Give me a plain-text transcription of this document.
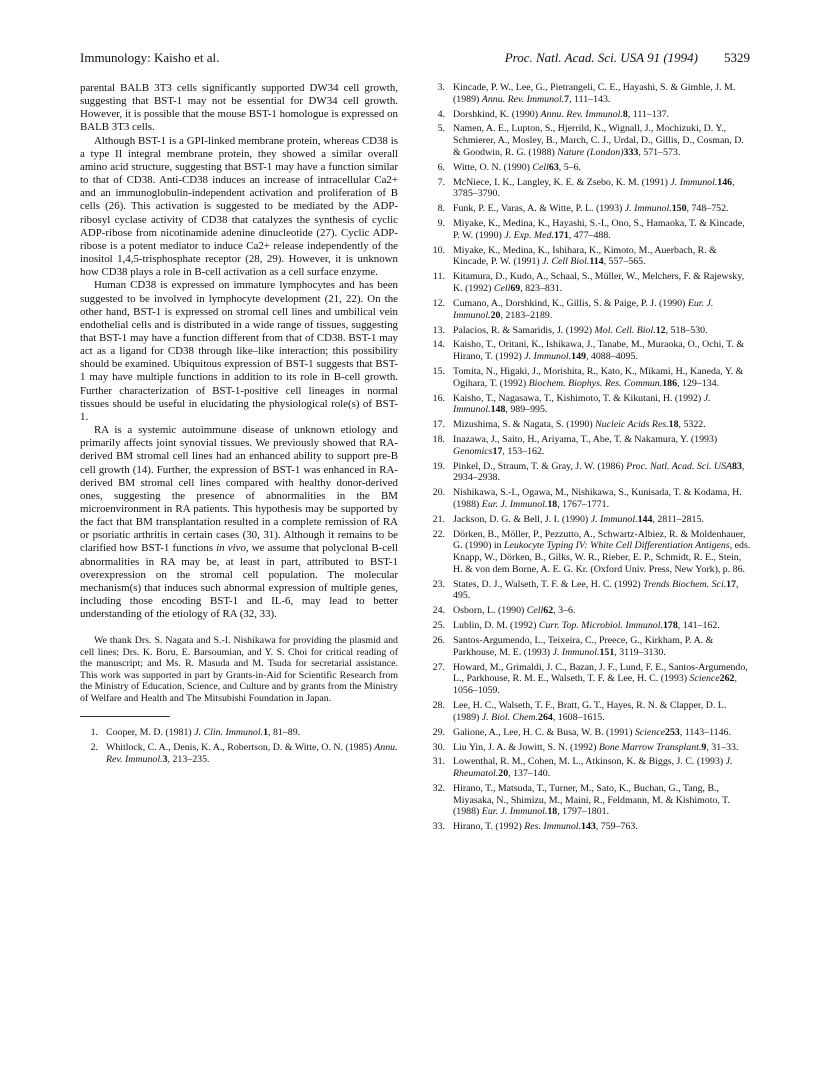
Immunology: Kaisho et al.	Proc. Natl. Acad. Sci. USA 91 (1994) 5329

parental BALB 3T3 cells significantly supported DW34 cell growth, suggesting that BST-1 may not be essential for DW34 cell growth. However, it is possible that the mouse BST-1 homologue is expressed on BALB 3T3 cells.

Although BST-1 is a GPI-linked membrane protein, whereas CD38 is a type II integral membrane protein, they showed a similar overall amino acid structure, suggesting that BST-1 may have a function similar to that of CD38. Anti-CD38 induces an increase of intracellular Ca2+ and an immunoglobulin-independent activation and proliferation of B cells (26). This activation is suggested to be mediated by the ADP-ribosyl cyclase activity of CD38 that catalyzes the synthesis of cyclic ADP-ribose from nicotinamide adenine dinucleotide (27). Cyclic ADP-ribose is a potent mediator to induce Ca2+ release independently of the inositol 1,4,5-trisphosphate receptor (28, 29). However, it is unknown how CD38 plays a role in B-cell activation as a cell surface enzyme.

Human CD38 is expressed on immature lymphocytes and has been suggested to be involved in lymphocyte development (21, 22). On the other hand, BST-1 is expressed on stromal cell lines and umbilical vein endothelial cells and is distributed in a wide range of tissues, suggesting that BST-1 may have a function different from that of CD38. BST-1 may act as a ligand for CD38 through like–like interaction; this possibility should be examined. Ubiquitous expression of BST-1 suggests that BST-1 may have multiple functions in addition to its role in B-cell growth. Further characterization of BST-1-positive cell lineages in normal tissues should be useful in elucidating the physiological role(s) of BST-1.

RA is a systemic autoimmune disease of unknown etiology and primarily affects joint synovial tissues. We previously showed that RA-derived BM stromal cell lines had an enhanced ability to support pre-B cell growth (14). Further, the expression of BST-1 was enhanced in RA-derived BM stromal cell lines compared with healthy donor-derived ones, suggesting the presence of abnormalities in the BM microenvironment in RA patients. This hypothesis may be supported by the fact that BM transplantation resulted in a complete remission of RA or psoriatic arthritis in certain cases (30, 31). Although it remains to be clarified how BST-1 functions in vivo, we assume that polyclonal B-cell abnormalities in RA may be, at least in part, attributed to BST-1 overexpression on the stromal cell population. The molecular mechanism(s) that induces such abnormal expression of multiple genes, including those encoding BST-1 and IL-6, may lead to better understanding of the etiology of RA (32, 33).

We thank Drs. S. Nagata and S.-I. Nishikawa for providing the plasmid and cell lines; Drs. K. Boru, E. Barsoumian, and Y. S. Choi for critical reading of the manuscript; and Ms. R. Masuda and M. Tsuda for secretarial assistance. This work was supported in part by Grants-in-Aid for Scientific Research from the Ministry of Education, Science, and Culture and by grants from the Ministry of Welfare and Health and The Mitsubishi Foundation in Japan.

1. Cooper, M. D. (1981) J. Clin. Immunol.1, 81–89.
2. Whitlock, C. A., Denis, K. A., Robertson, D. & Witte, O. N. (1985) Annu. Rev. Immunol.3, 213–235.
3. Kincade, P. W., Lee, G., Pietrangeli, C. E., Hayashi, S. & Gimble, J. M. (1989) Annu. Rev. Immunol.7, 111–143.
4. Dorshkind, K. (1990) Annu. Rev. Immunol.8, 111–137.
5. Namen, A. E., Lupton, S., Hjerrild, K., Wignall, J., Mochizuki, D. Y., Schmierer, A., Mosley, B., March, C. J., Urdal, D., Gillis, D., Cosman, D. & Goodwin, R. G. (1988) Nature (London)333, 571–573.
6. Witte, O. N. (1990) Cell63, 5–6.
7. McNiece, I. K., Langley, K. E. & Zsebo, K. M. (1991) J. Immunol.146, 3785–3790.
8. Funk, P. E., Varas, A. & Witte, P. L. (1993) J. Immunol.150, 748–752.
9. Miyake, K., Medina, K., Hayashi, S.-I., Ono, S., Hamaoka, T. & Kincade, P. W. (1990) J. Exp. Med.171, 477–488.
10. Miyake, K., Medina, K., Ishihara, K., Kimoto, M., Auerbach, R. & Kincade, P. W. (1991) J. Cell Biol.114, 557–565.
11. Kitamura, D., Kudo, A., Schaal, S., Müller, W., Melchers, F. & Rajewsky, K. (1992) Cell69, 823–831.
12. Cumano, A., Dorshkind, K., Gillis, S. & Paige, P. J. (1990) Eur. J. Immunol.20, 2183–2189.
13. Palacios, R. & Samaridis, J. (1992) Mol. Cell. Biol.12, 518–530.
14. Kaisho, T., Oritani, K., Ishikawa, J., Tanabe, M., Muraoka, O., Ochi, T. & Hirano, T. (1992) J. Immunol.149, 4088–4095.
15. Tomita, N., Higaki, J., Morishita, R., Kato, K., Mikami, H., Kaneda, Y. & Ogihara, T. (1992) Biochem. Biophys. Res. Commun.186, 129–134.
16. Kaisho, T., Nagasawa, T., Kishimoto, T. & Kikutani, H. (1992) J. Immunol.148, 989–995.
17. Mizushima, S. & Nagata, S. (1990) Nucleic Acids Res.18, 5322.
18. Inazawa, J., Saito, H., Ariyama, T., Abe, T. & Nakamura, Y. (1993) Genomics17, 153–162.
19. Pinkel, D., Straum, T. & Gray, J. W. (1986) Proc. Natl. Acad. Sci. USA83, 2934–2938.
20. Nishikawa, S.-I., Ogawa, M., Nishikawa, S., Kunisada, T. & Kodama, H. (1988) Eur. J. Immunol.18, 1767–1771.
21. Jackson, D. G. & Bell, J. I. (1990) J. Immunol.144, 2811–2815.
22. Dörken, B., Möller, P., Pezzutto, A., Schwartz-Albiez, R. & Moldenhauer, G. (1990) in Leukocyte Typing IV: White Cell Differentiation Antigens, eds. Knapp, W., Dörken, B., Gilks, W. R., Rieber, E. P., Schmidt, R. E., Stein, H. & von dem Borne, A. E. G. Kr. (Oxford Univ. Press, New York), p. 86.
23. States, D. J., Walseth, T. F. & Lee, H. C. (1992) Trends Biochem. Sci.17, 495.
24. Osborn, L. (1990) Cell62, 3–6.
25. Lublin, D. M. (1992) Curr. Top. Microbiol. Immunol.178, 141–162.
26. Santos-Argumendo, L., Teixeira, C., Preece, G., Kirkham, P. A. & Parkhouse, M. E. (1993) J. Immunol.151, 3119–3130.
27. Howard, M., Grimaldi, J. C., Bazan, J. F., Lund, F. E., Santos-Argumendo, L., Parkhouse, R. M. E., Walseth, T. F. & Lee, H. C. (1993) Science262, 1056–1059.
28. Lee, H. C., Walseth, T. F., Bratt, G. T., Hayes, R. N. & Clapper, D. L. (1989) J. Biol. Chem.264, 1608–1615.
29. Galione, A., Lee, H. C. & Busa, W. B. (1991) Science253, 1143–1146.
30. Liu Yin, J. A. & Jowitt, S. N. (1992) Bone Marrow Transplant.9, 31–33.
31. Lowenthal, R. M., Cohen, M. L., Atkinson, K. & Biggs, J. C. (1993) J. Rheumatol.20, 137–140.
32. Hirano, T., Matsuda, T., Turner, M., Sato, K., Buchan, G., Tang, B., Miyasaka, N., Shimizu, M., Maini, R., Feldmann, M. & Kishimoto, T. (1988) Eur. J. Immunol.18, 1797–1801.
33. Hirano, T. (1992) Res. Immunol.143, 759–763.
